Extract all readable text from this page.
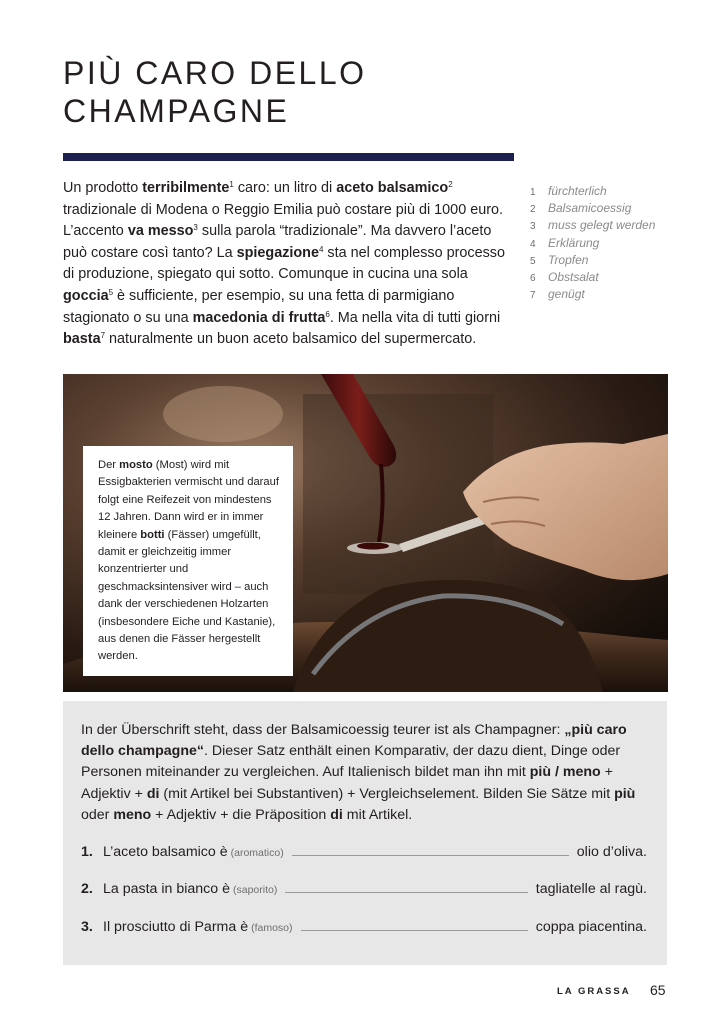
PIÙ CARO DELLO
CHAMPAGNE
Un prodotto terribilmente$^1$ caro: un litro di aceto balsamico$^2$ tradizionale di Modena o Reggio Emilia può costare più di 1000 euro. L’accento va messo$^3$ sulla parola “tradizionale”. Ma davvero l’aceto può costare così tanto? La spiegazione$^4$ sta nel complesso processo di produzione, spiegato qui sotto. Comunque in cucina una sola goccia$^5$ è sufficiente, per esempio, su una fetta di parmigiano stagionato o su una macedonia di frutta$^6$. Ma nella vita di tutti giorni basta$^7$ naturalmente un buon aceto balsamico del supermercato.
1 fürchterlich
2 Balsamicoessig
3 muss gelegt werden
4 Erklärung
5 Tropfen
6 Obstsalat
7 genügt
Der mosto (Most) wird mit Essigbakterien vermischt und darauf folgt eine Reifezeit von mindestens 12 Jahren. Dann wird er in immer kleinere botti (Fässer) umgefüllt, damit er gleichzeitig immer konzentrierter und geschmacksintensiver wird – auch dank der verschiedenen Holzarten (insbesondere Eiche und Kastanie), aus denen die Fässer hergestellt werden.
In der Überschrift steht, dass der Balsamicoessig teurer ist als Champagner: „più caro dello champagne“. Dieser Satz enthält einen Komparativ, der dazu dient, Dinge oder Personen miteinander zu vergleichen. Auf Italienisch bildet man ihn mit più / meno + Adjektiv + di (mit Artikel bei Substantiven) + Vergleichselement. Bilden Sie Sätze mit più oder meno + Adjektiv + die Präposition di mit Artikel.
1. L’aceto balsamico è (aromatico)	olio d’oliva.
2. La pasta in bianco è (saporito)	tagliatelle al ragù.
3. Il prosciutto di Parma è (famoso)	coppa piacentina.
LA GRASSA 65
